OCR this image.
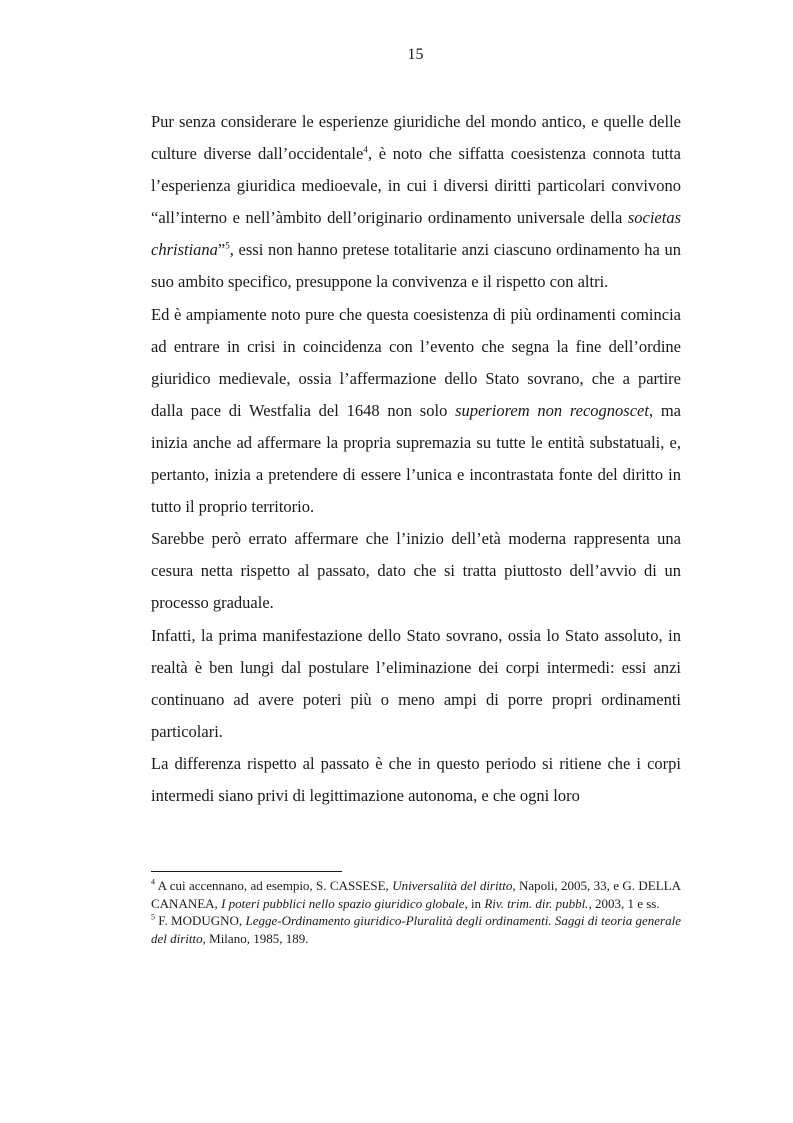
15

Pur senza considerare le esperienze giuridiche del mondo antico, e quelle delle culture diverse dall’occidentale$^4$, è noto che siffatta coesistenza connota tutta l’esperienza giuridica medioevale, in cui i diversi diritti particolari convivono “all’interno e nell’àmbito dell’originario ordinamento universale della societas christiana”$^5$, essi non hanno pretese totalitarie anzi ciascuno ordinamento ha un suo ambito specifico, presuppone la convivenza e il rispetto con altri.

Ed è ampiamente noto pure che questa coesistenza di più ordinamenti comincia ad entrare in crisi in coincidenza con l’evento che segna la fine dell’ordine giuridico medievale, ossia l’affermazione dello Stato sovrano, che a partire dalla pace di Westfalia del 1648 non solo superiorem non recognoscet, ma inizia anche ad affermare la propria supremazia su tutte le entità substatuali, e, pertanto, inizia a pretendere di essere l’unica e incontrastata fonte del diritto in tutto il proprio territorio.

Sarebbe però errato affermare che l’inizio dell’età moderna rappresenta una cesura netta rispetto al passato, dato che si tratta piuttosto dell’avvio di un processo graduale.

Infatti, la prima manifestazione dello Stato sovrano, ossia lo Stato assoluto, in realtà è ben lungi dal postulare l’eliminazione dei corpi intermedi: essi anzi continuano ad avere poteri più o meno ampi di porre propri ordinamenti particolari.

La differenza rispetto al passato è che in questo periodo si ritiene che i corpi intermedi siano privi di legittimazione autonoma, e che ogni loro

$^4$ A cui accennano, ad esempio, S. CASSESE, Universalità del diritto, Napoli, 2005, 33, e G. DELLA CANANEA, I poteri pubblici nello spazio giuridico globale, in Riv. trim. dir. pubbl., 2003, 1 e ss.

$^5$ F. MODUGNO, Legge-Ordinamento giuridico-Pluralità degli ordinamenti. Saggi di teoria generale del diritto, Milano, 1985, 189.
